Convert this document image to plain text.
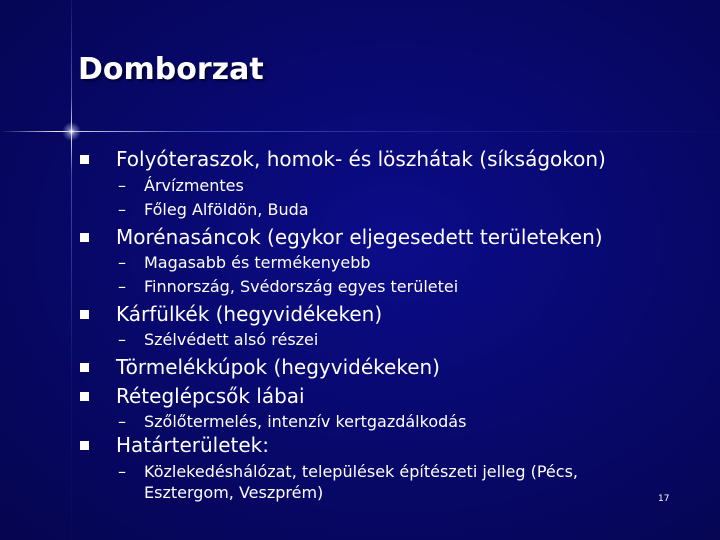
Domborzat
Folyóteraszok, homok- és löszhátak (síkságokon)
– Árvízmentes
– Főleg Alföldön, Buda
Morénasáncok (egykor eljegesedett területeken)
– Magasabb és termékenyebb
– Finnország, Svédország egyes területei
Kárfülkék (hegyvidékeken)
– Szélvédett alsó részei
Törmelékkúpok (hegyvidékeken)
Réteglépcsők lábai
– Szőlőtermelés, intenzív kertgazdálkodás
Határterületek:
– Közlekedéshálózat, települések építészeti jelleg (Pécs,
Esztergom, Veszprém)	17
